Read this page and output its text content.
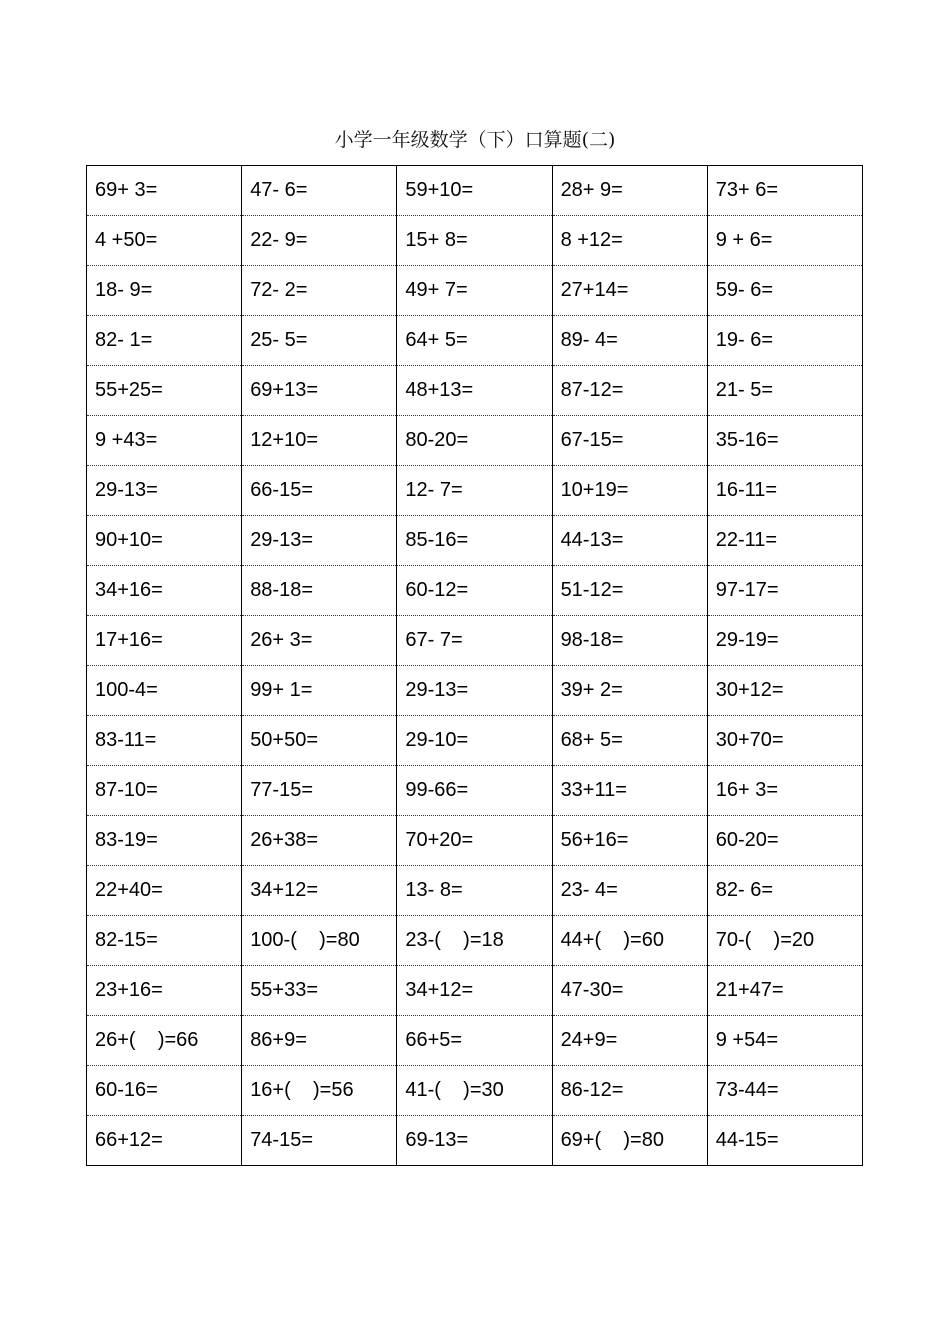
小学一年级数学（下）口算题(二)
69+ 3=	47- 6=	59+10=	28+ 9=	73+ 6=
4 +50=	22- 9=	15+ 8=	8 +12=	9 + 6=
18- 9=	72- 2=	49+ 7=	27+14=	59- 6=
82- 1=	25- 5=	64+ 5=	89- 4=	19- 6=
55+25=	69+13=	48+13=	87-12=	21- 5=
9 +43=	12+10=	80-20=	67-15=	35-16=
29-13=	66-15=	12- 7=	10+19=	16-11=
90+10=	29-13=	85-16=	44-13=	22-11=
34+16=	88-18=	60-12=	51-12=	97-17=
17+16=	26+ 3=	67- 7=	98-18=	29-19=
100-4=	99+ 1=	29-13=	39+ 2=	30+12=
83-11=	50+50=	29-10=	68+ 5=	30+70=
87-10=	77-15=	99-66=	33+11=	16+ 3=
83-19=	26+38=	70+20=	56+16=	60-20=
22+40=	34+12=	13- 8=	23- 4=	82- 6=
82-15=	100-(    )=80	23-(    )=18	44+(    )=60	70-(    )=20
23+16=	55+33=	34+12=	47-30=	21+47=
26+(    )=66	86+9=	66+5=	24+9=	9 +54=
60-16=	16+(    )=56	41-(    )=30	86-12=	73-44=
66+12=	74-15=	69-13=	69+(    )=80	44-15=
